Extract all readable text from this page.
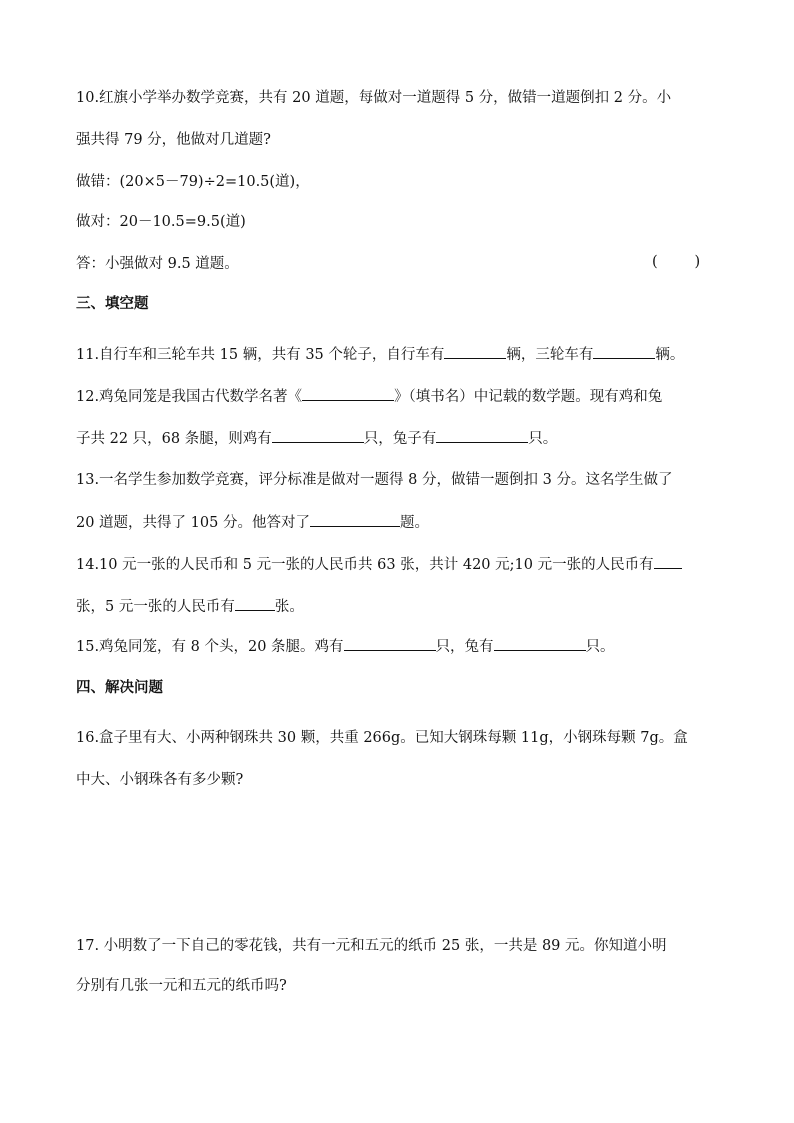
10.红旗小学举办数学竞赛，共有 20 道题，每做对一道题得 5 分，做错一道题倒扣 2 分。小
强共得 79 分，他做对几道题?
做错：(20×5－79)÷2=10.5(道)，
做对：20－10.5=9.5(道)
答：小强做对 9.5 道题。	(        )
三、填空题
11.自行车和三轮车共 15 辆，共有 35 个轮子，自行车有	辆，三轮车有	辆。
12.鸡兔同笼是我国古代数学名著《	》（填书名）中记载的数学题。现有鸡和兔
子共 22 只，68 条腿，则鸡有	只，兔子有	只。
13.一名学生参加数学竞赛，评分标准是做对一题得 8 分，做错一题倒扣 3 分。这名学生做了
20 道题，共得了 105 分。他答对了	题。
14.10 元一张的人民币和 5 元一张的人民币共 63 张，共计 420 元;10 元一张的人民币有
张，5 元一张的人民币有	张。
15.鸡兔同笼，有 8 个头，20 条腿。鸡有	只，兔有	只。
四、解决问题
16.盒子里有大、小两种钢珠共 30 颗，共重 266g。已知大钢珠每颗 11g，小钢珠每颗 7g。盒
中大、小钢珠各有多少颗?
17. 小明数了一下自己的零花钱，共有一元和五元的纸币 25 张，一共是 89 元。你知道小明
分别有几张一元和五元的纸币吗?
